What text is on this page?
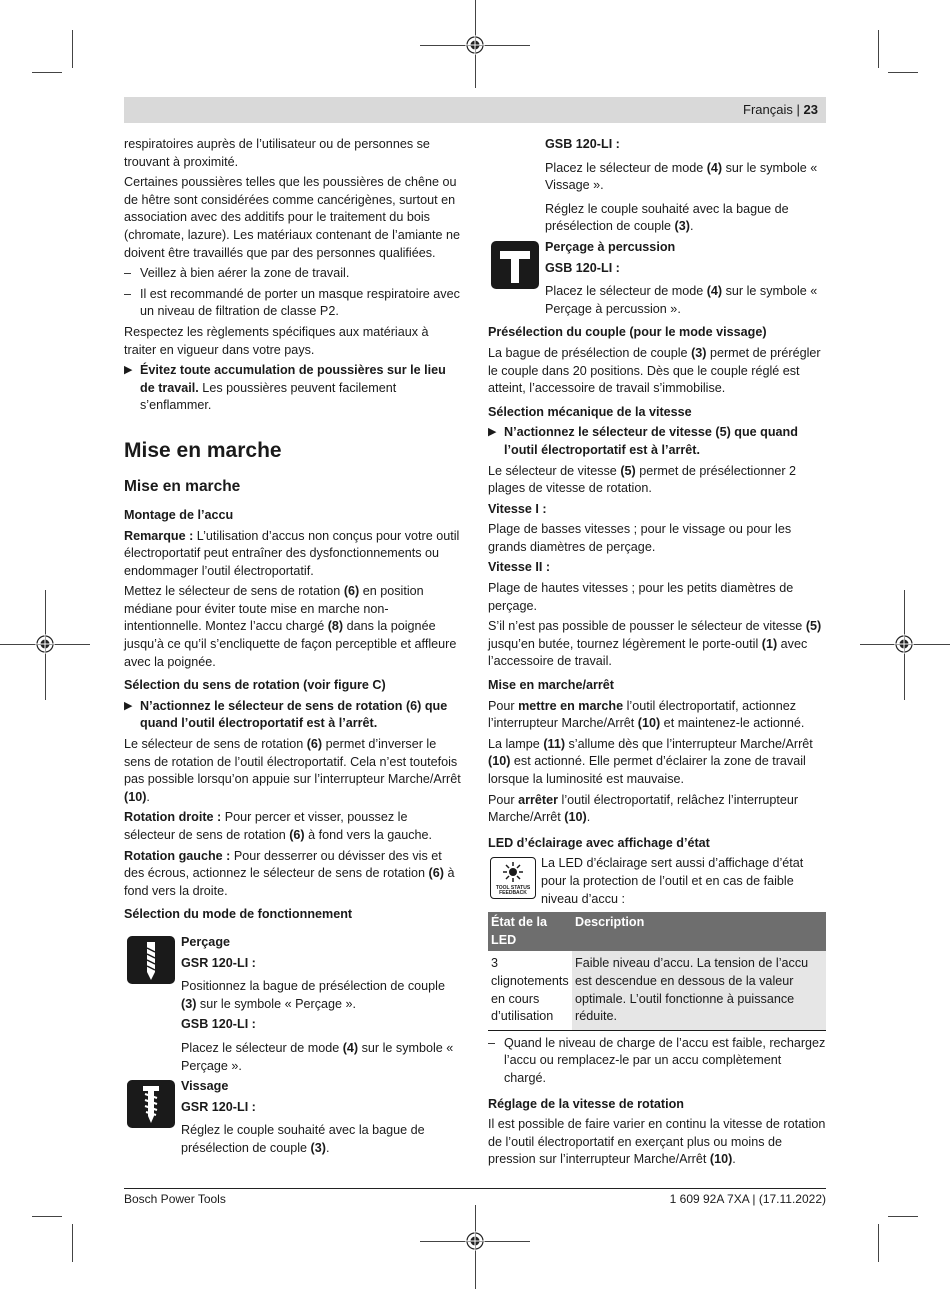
Français | 23

respiratoires auprès de l’utilisateur ou de personnes se trouvant à proximité.

Certaines poussières telles que les poussières de chêne ou de hêtre sont considérées comme cancérigènes, surtout en association avec des additifs pour le traitement du bois (chromate, lazure). Les matériaux contenant de l’amiante ne doivent être travaillés que par des personnes qualifiées.

– Veillez à bien aérer la zone de travail.

– Il est recommandé de porter un masque respiratoire avec un niveau de filtration de classe P2.

Respectez les règlements spécifiques aux matériaux à traiter en vigueur dans votre pays.

▶ Évitez toute accumulation de poussières sur le lieu de travail. Les poussières peuvent facilement s’enflammer.

Mise en marche
Mise en marche
Montage de l’accu

Remarque : L’utilisation d’accus non conçus pour votre outil électroportatif peut entraîner des dysfonctionnements ou endommager l’outil électroportatif.

Mettez le sélecteur de sens de rotation (6) en position médiane pour éviter toute mise en marche non-intentionnelle. Montez l’accu chargé (8) dans la poignée jusqu’à ce qu’il s’encliquette de façon perceptible et affleure avec la poignée.

Sélection du sens de rotation (voir figure C)

▶ N’actionnez le sélecteur de sens de rotation (6) que quand l’outil électroportatif est à l’arrêt.

Le sélecteur de sens de rotation (6) permet d’inverser le sens de rotation de l’outil électroportatif. Cela n’est toutefois pas possible lorsqu’on appuie sur l’interrupteur Marche/Arrêt (10).

Rotation droite : Pour percer et visser, poussez le sélecteur de sens de rotation (6) à fond vers la gauche.

Rotation gauche : Pour desserrer ou dévisser des vis et des écrous, actionnez le sélecteur de sens de rotation (6) à fond vers la droite.

Sélection du mode de fonctionnement

Perçage

GSR 120-LI :

Positionnez la bague de présélection de couple (3) sur le symbole « Perçage ».

GSB 120-LI :

Placez le sélecteur de mode (4) sur le symbole « Perçage ».

Vissage

GSR 120-LI :

Réglez le couple souhaité avec la bague de présélection de couple (3).

GSB 120-LI :

Placez le sélecteur de mode (4) sur le symbole « Vissage ».

Réglez le couple souhaité avec la bague de présélection de couple (3).

Perçage à percussion

GSB 120-LI :

Placez le sélecteur de mode (4) sur le symbole « Perçage à percussion ».

Présélection du couple (pour le mode vissage)

La bague de présélection de couple (3) permet de prérégler le couple dans 20 positions. Dès que le couple réglé est atteint, l’accessoire de travail s’immobilise.

Sélection mécanique de la vitesse

▶ N’actionnez le sélecteur de vitesse (5) que quand l’outil électroportatif est à l’arrêt.

Le sélecteur de vitesse (5) permet de présélectionner 2 plages de vitesse de rotation.

Vitesse I :

Plage de basses vitesses ; pour le vissage ou pour les grands diamètres de perçage.

Vitesse II :

Plage de hautes vitesses ; pour les petits diamètres de perçage.

S’il n’est pas possible de pousser le sélecteur de vitesse (5) jusqu’en butée, tournez légèrement le porte-outil (1) avec l’accessoire de travail.

Mise en marche/arrêt

Pour mettre en marche l’outil électroportatif, actionnez l’interrupteur Marche/Arrêt (10) et maintenez-le actionné.

La lampe (11) s’allume dès que l’interrupteur Marche/Arrêt (10) est actionné. Elle permet d’éclairer la zone de travail lorsque la luminosité est mauvaise.

Pour arrêter l’outil électroportatif, relâchez l’interrupteur Marche/Arrêt (10).

LED d’éclairage avec affichage d’état
TOOL STATUS FEEDBACK

La LED d’éclairage sert aussi d’affichage d’état pour la protection de l’outil et en cas de faible niveau d’accu :

État de la LED	Description
3 clignotements en cours d’utilisation	Faible niveau d’accu. La tension de l’accu est descendue en dessous de la valeur optimale. L’outil fonctionne à puissance réduite.

– Quand le niveau de charge de l’accu est faible, rechargez l’accu ou remplacez-le par un accu complètement chargé.

Réglage de la vitesse de rotation

Il est possible de faire varier en continu la vitesse de rotation de l’outil électroportatif en exerçant plus ou moins de pression sur l’interrupteur Marche/Arrêt (10).

Bosch Power Tools	1 609 92A 7XA | (17.11.2022)
